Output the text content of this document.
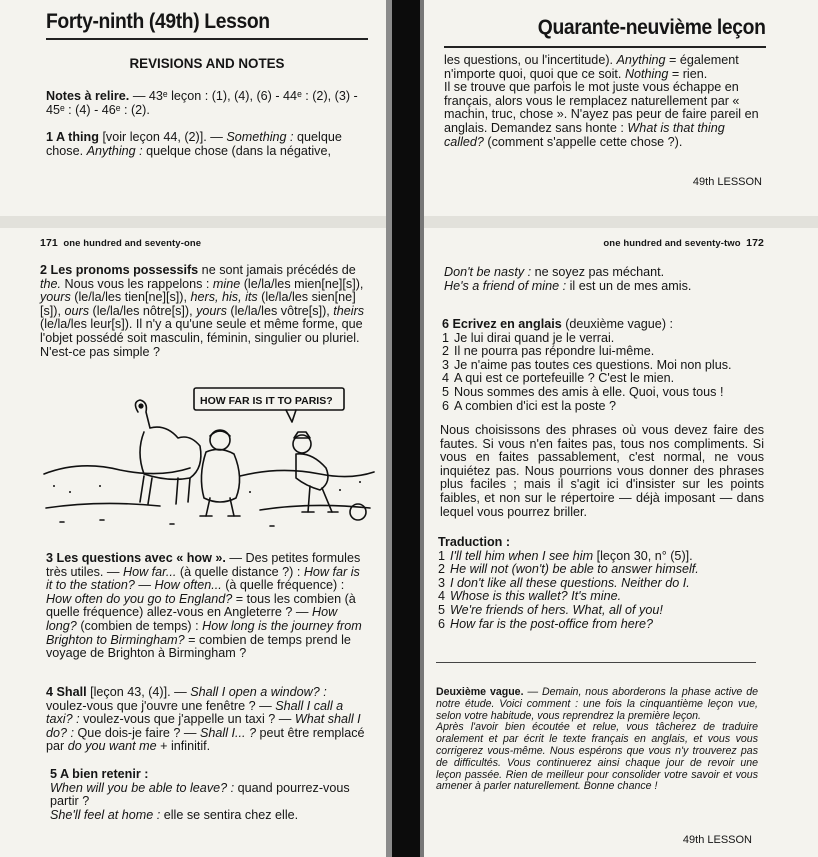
Forty-ninth (49th) Lesson
REVISIONS AND NOTES

Notes à relire. — 43ᵉ leçon : (1), (4), (6) - 44ᵉ : (2), (3) - 45ᵉ : (4) - 46ᵉ : (2).

1 A thing [voir leçon 44, (2)]. — Something : quelque chose. Anything : quelque chose (dans la négative,

171 one hundred and seventy-one

2 Les pronoms possessifs ne sont jamais précédés de the. Nous vous les rappelons : mine (le/la/les mien[ne][s]), yours (le/la/les tien[ne][s]), hers, his, its (le/la/les sien[ne][s]), ours (le/la/les nôtre[s]), yours (le/la/les vôtre[s]), theirs (le/la/les leur[s]). Il n'y a qu'une seule et même forme, que l'objet possédé soit masculin, féminin, singulier ou pluriel. N'est-ce pas simple ?

HOW FAR IS IT TO PARIS?

3 Les questions avec « how ». — Des petites formules très utiles. — How far... (à quelle distance ?) : How far is it to the station? — How often... (à quelle fréquence) : How often do you go to England? = tous les combien (à quelle fréquence) allez-vous en Angleterre ? — How long? (combien de temps) : How long is the journey from Brighton to Birmingham? = combien de temps prend le voyage de Brighton à Birmingham ?

4 Shall [leçon 43, (4)]. — Shall I open a window? : voulez-vous que j'ouvre une fenêtre ? — Shall I call a taxi? : voulez-vous que j'appelle un taxi ? — What shall I do? : Que dois-je faire ? — Shall I... ? peut être remplacé par do you want me + infinitif.

5 A bien retenir :
When will you be able to leave? : quand pourrez-vous partir ?
She'll feel at home : elle se sentira chez elle.
Quarante-neuvième leçon

les questions, ou l'incertitude). Anything = également n'importe quoi, quoi que ce soit. Nothing = rien.

Il se trouve que parfois le mot juste vous échappe en français, alors vous le remplacez naturellement par « machin, truc, chose ». N'ayez pas peur de faire pareil en anglais. Demandez sans honte : What is that thing called? (comment s'appelle cette chose ?).

49th LESSON
one hundred and seventy-two 172
Don't be nasty : ne soyez pas méchant.
He's a friend of mine : il est un de mes amis.
6 Ecrivez en anglais (deuxième vague) :
1 Je lui dirai quand je le verrai.
2 Il ne pourra pas répondre lui-même.
3 Je n'aime pas toutes ces questions. Moi non plus.
4 A qui est ce portefeuille ? C'est le mien.
5 Nous sommes des amis à elle. Quoi, vous tous !
6 A combien d'ici est la poste ?

Nous choisissons des phrases où vous devez faire des fautes. Si vous n'en faites pas, tous nos compliments. Si vous en faites passablement, c'est normal, ne vous inquiétez pas. Nous pourrions vous donner des phrases plus faciles ; mais il s'agit ici d'insister sur les points faibles, et non sur le répertoire — déjà imposant — dans lequel vous pourrez briller.

Traduction :
1 I'll tell him when I see him [leçon 30, n° (5)].
2 He will not (won't) be able to answer himself.
3 I don't like all these questions. Neither do I.
4 Whose is this wallet? It's mine.
5 We're friends of hers. What, all of you!
6 How far is the post-office from here?

Deuxième vague. — Demain, nous aborderons la phase active de notre étude. Voici comment : une fois la cinquantième leçon vue, selon votre habitude, vous reprendrez la première leçon.

Après l'avoir bien écoutée et relue, vous tâcherez de traduire oralement et par écrit le texte français en anglais, et vous vous corrigerez vous-même. Nous espérons que vous n'y trouverez pas de difficultés. Vous continuerez ainsi chaque jour de revoir une leçon passée. Rien de meilleur pour consolider votre savoir et vous amener à parler naturellement. Bonne chance !

49th LESSON
